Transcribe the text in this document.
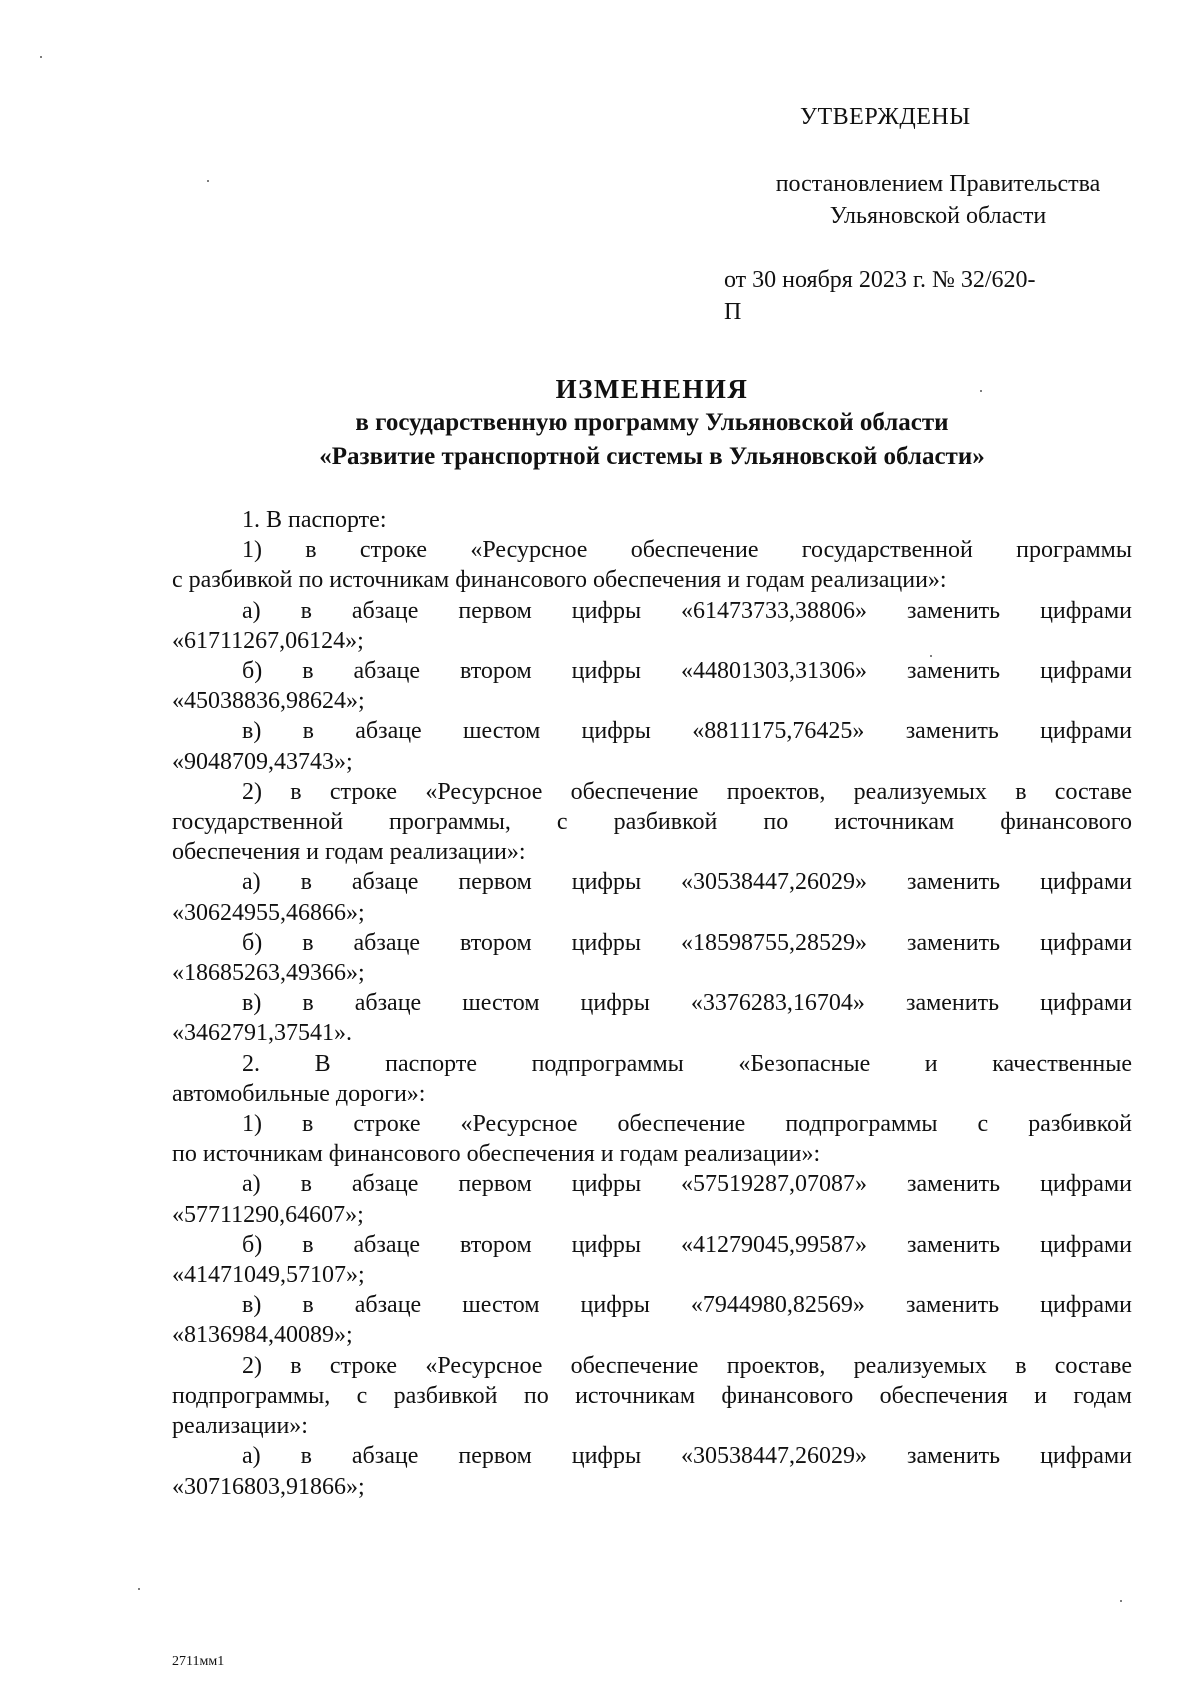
УТВЕРЖДЕНЫ
постановлением Правительства
Ульяновской области
от 30 ноября 2023 г. № 32/620-П
ИЗМЕНЕНИЯ
в государственную программу Ульяновской области
«Развитие транспортной системы в Ульяновской области»

1. В паспорте:

1) в строке «Ресурсное обеспечение государственной программы

с разбивкой по источникам финансового обеспечения и годам реализации»:

а) в абзаце первом цифры «61473733,38806» заменить цифрами

«61711267,06124»;

б) в абзаце втором цифры «44801303,31306» заменить цифрами

«45038836,98624»;

в) в абзаце шестом цифры «8811175,76425» заменить цифрами

«9048709,43743»;

2) в строке «Ресурсное обеспечение проектов, реализуемых в составе

государственной программы, с разбивкой по источникам финансового

обеспечения и годам реализации»:

а) в абзаце первом цифры «30538447,26029» заменить цифрами

«30624955,46866»;

б) в абзаце втором цифры «18598755,28529» заменить цифрами

«18685263,49366»;

в) в абзаце шестом цифры «3376283,16704» заменить цифрами

«3462791,37541».

2. В паспорте подпрограммы «Безопасные и качественные

автомобильные дороги»:

1) в строке «Ресурсное обеспечение подпрограммы с разбивкой

по источникам финансового обеспечения и годам реализации»:

а) в абзаце первом цифры «57519287,07087» заменить цифрами

«57711290,64607»;

б) в абзаце втором цифры «41279045,99587» заменить цифрами

«41471049,57107»;

в) в абзаце шестом цифры «7944980,82569» заменить цифрами

«8136984,40089»;

2) в строке «Ресурсное обеспечение проектов, реализуемых в составе

подпрограммы, с разбивкой по источникам финансового обеспечения и годам

реализации»:

а) в абзаце первом цифры «30538447,26029» заменить цифрами

«30716803,91866»;

2711мм1
